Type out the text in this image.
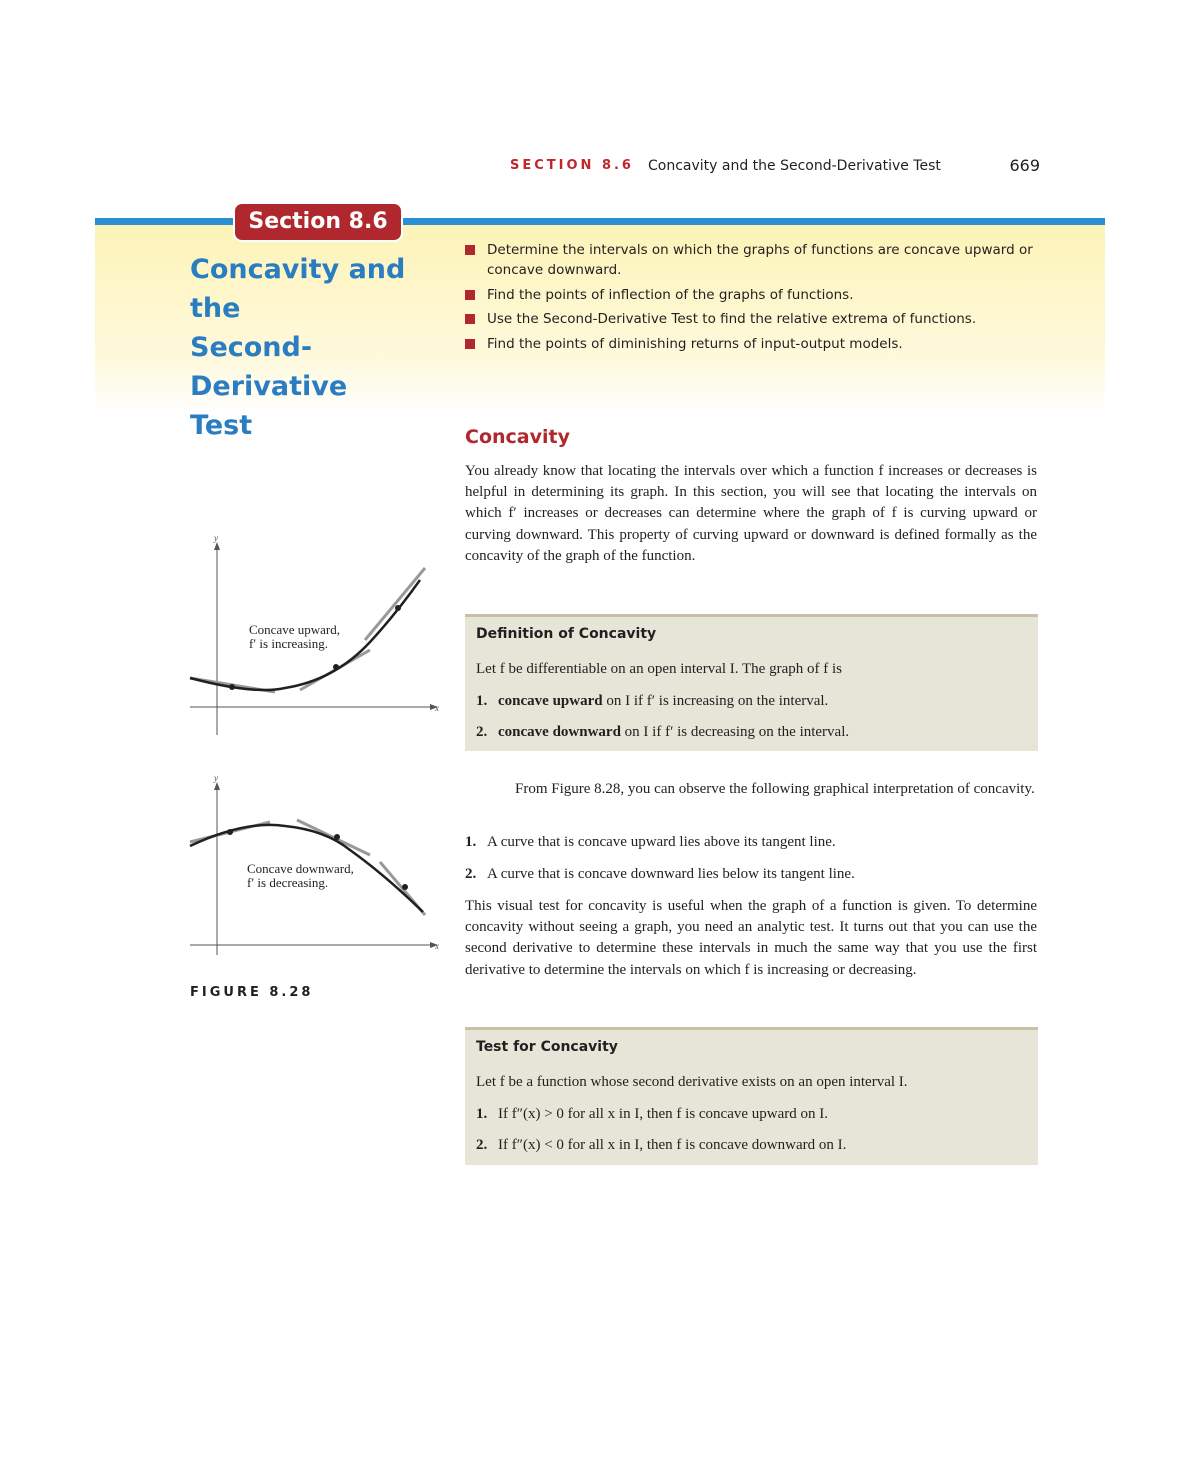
SECTION 8.6 Concavity and the Second-Derivative Test	669
Section 8.6
Concavity and the
Second-Derivative
Test
Determine the intervals on which the graphs of functions are concave upward or concave downward.
Find the points of inflection of the graphs of functions.
Use the Second-Derivative Test to find the relative extrema of functions.
Find the points of diminishing returns of input-output models.
Concavity
You already know that locating the intervals over which a function f increases or decreases is helpful in determining its graph. In this section, you will see that locating the intervals on which f′ increases or decreases can determine where the graph of f is curving upward or curving downward. This property of curving upward or downward is defined formally as the concavity of the graph of the function.
Definition of Concavity
Let f be differentiable on an open interval I. The graph of f is
1. concave upward on I if f′ is increasing on the interval.
2. concave downward on I if f′ is decreasing on the interval.
From Figure 8.28, you can observe the following graphical interpretation of concavity.
1. A curve that is concave upward lies above its tangent line.
2. A curve that is concave downward lies below its tangent line.
This visual test for concavity is useful when the graph of a function is given. To determine concavity without seeing a graph, you need an analytic test. It turns out that you can use the second derivative to determine these intervals in much the same way that you use the first derivative to determine the intervals on which f is increasing or decreasing.
Test for Concavity
Let f be a function whose second derivative exists on an open interval I.
1. If f″(x) > 0 for all x in I, then f is concave upward on I.
2. If f″(x) < 0 for all x in I, then f is concave downward on I.
y
x
Concave upward,
f′ is increasing.
y
x
Concave downward,
f′ is decreasing.
FIGURE 8.28
